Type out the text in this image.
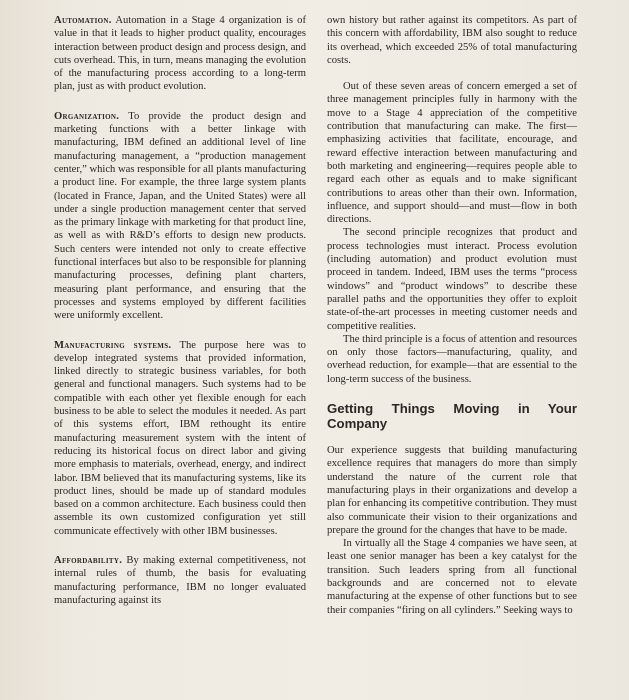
Automation. Automation in a Stage 4 organization is of value in that it leads to higher product quality, encourages interaction between product design and process design, and cuts overhead. This, in turn, means managing the evolution of the manufacturing process according to a long-term plan, just as with product evolution.

Organization. To provide the product design and marketing functions with a better linkage with manufacturing, IBM defined an additional level of line manufacturing management, a “production management center,” which was responsible for all plants manufacturing a product line. For example, the three large system plants (located in France, Japan, and the United States) were all under a single production management center that served as the primary linkage with marketing for that product line, as well as with R&D’s efforts to design new products. Such centers were intended not only to create effective functional interfaces but also to be responsible for planning manufacturing processes, defining plant charters, measuring plant performance, and ensuring that the processes and systems employed by different facilities were uniformly excellent.

Manufacturing systems. The purpose here was to develop integrated systems that provided information, linked directly to strategic business variables, for both general and functional managers. Such systems had to be compatible with each other yet flexible enough for each business to be able to select the modules it needed. As part of this systems effort, IBM rethought its entire manufacturing measurement system with the intent of reducing its historical focus on direct labor and giving more emphasis to materials, overhead, energy, and indirect labor. IBM believed that its manufacturing systems, like its product lines, should be made up of standard modules based on a common architecture. Each business could then assemble its own customized configuration yet still communicate effectively with other IBM businesses.

Affordability. By making external competitiveness, not internal rules of thumb, the basis for evaluating manufacturing performance, IBM no longer evaluated manufacturing against its

own history but rather against its competitors. As part of this concern with affordability, IBM also sought to reduce its overhead, which exceeded 25% of total manufacturing costs.

Out of these seven areas of concern emerged a set of three management principles fully in harmony with the move to a Stage 4 appreciation of the competitive contribution that manufacturing can make. The first—emphasizing activities that facilitate, encourage, and reward effective interaction between manufacturing and both marketing and engineering—requires people able to regard each other as equals and to make significant contributions to areas other than their own. Information, influence, and support should—and must—flow in both directions.

The second principle recognizes that product and process technologies must interact. Process evolution (including automation) and product evolution must proceed in tandem. Indeed, IBM uses the terms “process windows” and “product windows” to describe these parallel paths and the opportunities they offer to exploit state-of-the-art processes in meeting customer needs and competitive realities.

The third principle is a focus of attention and resources on only those factors—manufacturing, quality, and overhead reduction, for example—that are essential to the long-term success of the business.

Getting Things Moving in Your Company

Our experience suggests that building manufacturing excellence requires that managers do more than simply understand the nature of the current role that manufacturing plays in their organizations and develop a plan for enhancing its competitive contribution. They must also communicate their vision to their organizations and prepare the ground for the changes that have to be made.

In virtually all the Stage 4 companies we have seen, at least one senior manager has been a key catalyst for the transition. Such leaders spring from all functional backgrounds and are concerned not to elevate manufacturing at the expense of other functions but to see their companies “firing on all cylinders.” Seeking ways to
